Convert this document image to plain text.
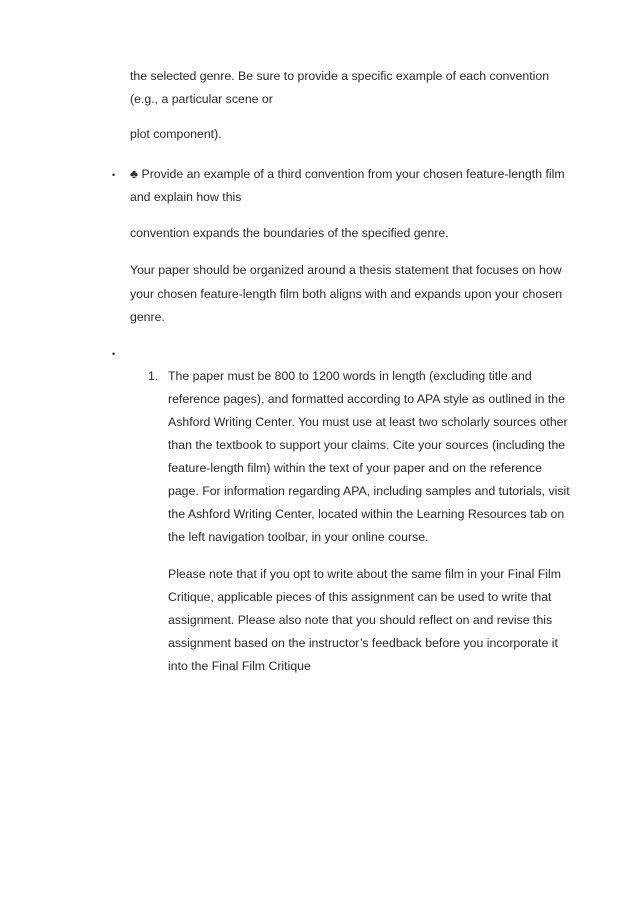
the selected genre. Be sure to provide a specific example of each convention
(e.g., a particular scene or
plot component).
• ♣ Provide an example of a third convention from your chosen feature-length film
and explain how this
convention expands the boundaries of the specified genre.
Your paper should be organized around a thesis statement that focuses on how
your chosen feature-length film both aligns with and expands upon your chosen
genre.
•
1. The paper must be 800 to 1200 words in length (excluding title and
reference pages), and formatted according to APA style as outlined in the
Ashford Writing Center. You must use at least two scholarly sources other
than the textbook to support your claims. Cite your sources (including the
feature-length film) within the text of your paper and on the reference
page. For information regarding APA, including samples and tutorials, visit
the Ashford Writing Center, located within the Learning Resources tab on
the left navigation toolbar, in your online course.
Please note that if you opt to write about the same film in your Final Film
Critique, applicable pieces of this assignment can be used to write that
assignment. Please also note that you should reflect on and revise this
assignment based on the instructor’s feedback before you incorporate it
into the Final Film Critique
